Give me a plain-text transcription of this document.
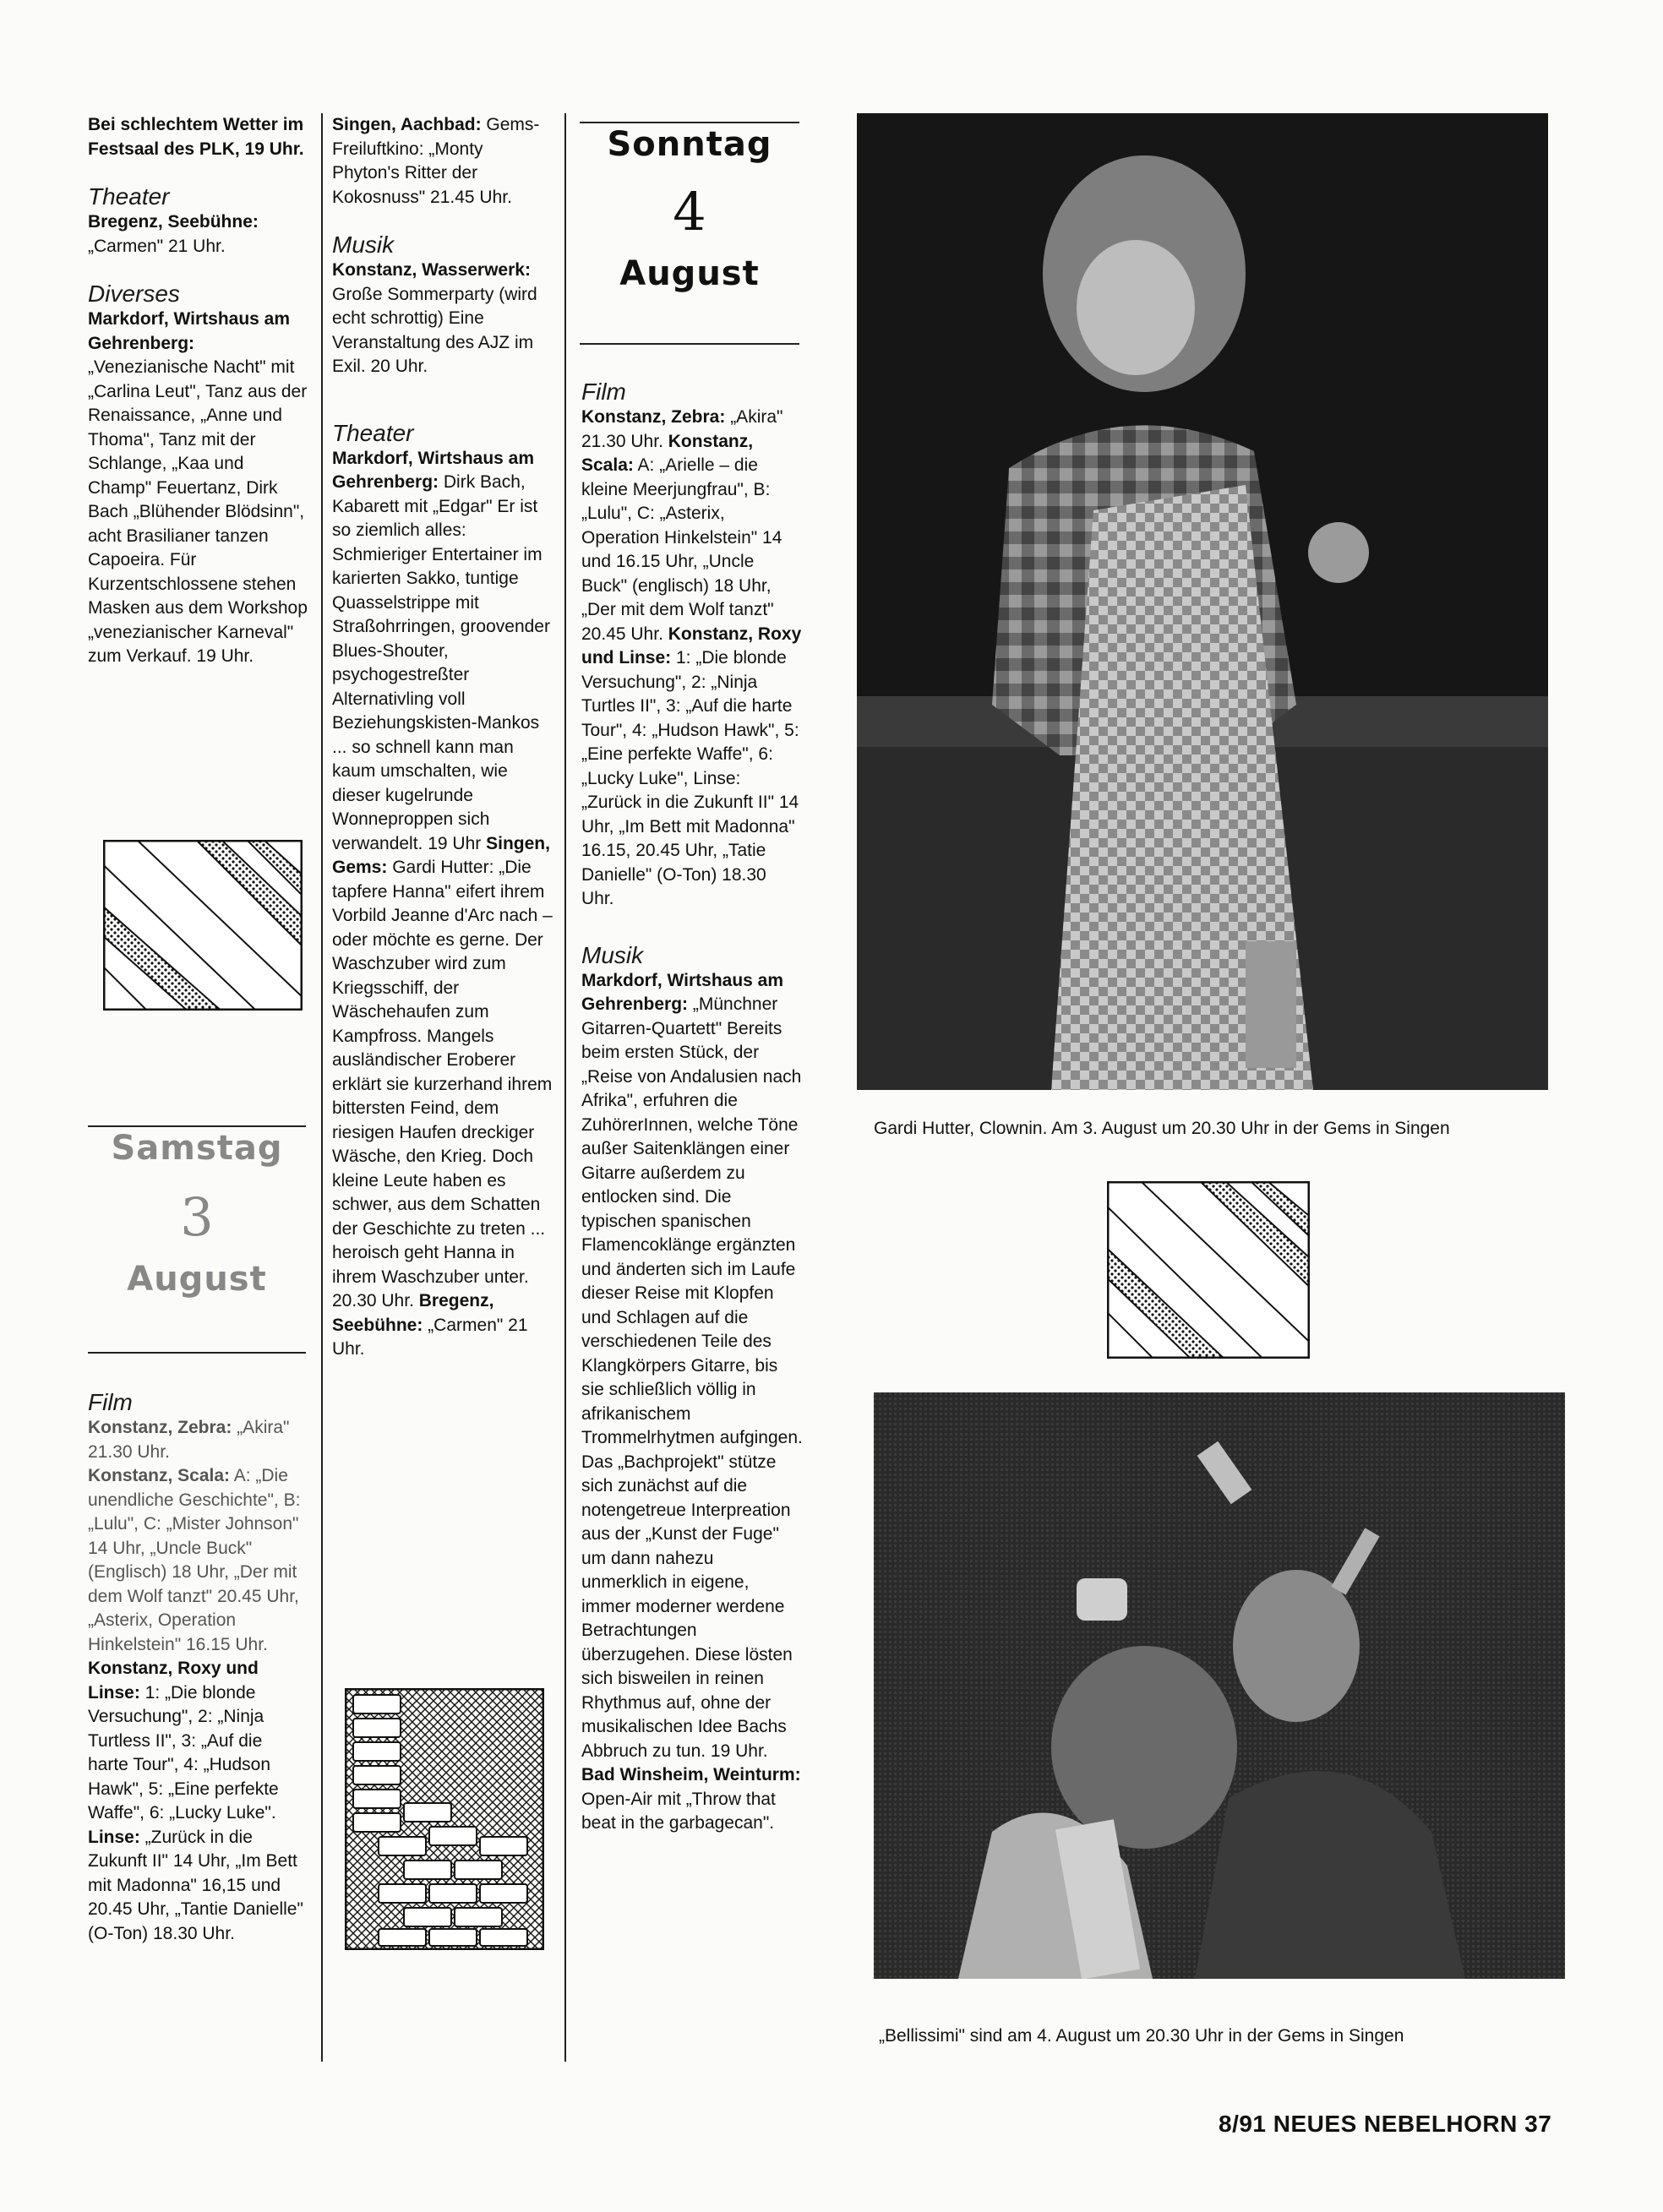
Bei schlechtem Wetter im Festsaal des PLK, 19 Uhr.
Theater
Bregenz, Seebühne: „Carmen" 21 Uhr.
Diverses
Markdorf, Wirtshaus am Gehrenberg: „Venezianische Nacht" mit „Carlina Leut", Tanz aus der Renaissance, „Anne und Thoma", Tanz mit der Schlange, „Kaa und Champ" Feuertanz, Dirk Bach „Blühender Blödsinn", acht Brasilianer tanzen Capoeira. Für Kurzentschlossene stehen Masken aus dem Workshop „venezianischer Karneval" zum Verkauf. 19 Uhr.
Samstag
3
August
Film
Konstanz, Zebra: „Akira" 21.30 Uhr.
Konstanz, Scala: A: „Die unendliche Geschichte", B: „Lulu", C: „Mister Johnson" 14 Uhr, „Uncle Buck" (Englisch) 18 Uhr, „Der mit dem Wolf tanzt" 20.45 Uhr, „Asterix, Operation Hinkelstein" 16.15 Uhr.
Konstanz, Roxy und Linse: 1: „Die blonde Versuchung", 2: „Ninja Turtless II", 3: „Auf die harte Tour", 4: „Hudson Hawk", 5: „Eine perfekte Waffe", 6: „Lucky Luke". Linse: „Zurück in die Zukunft II" 14 Uhr, „Im Bett mit Madonna" 16,15 und 20.45 Uhr, „Tantie Danielle" (O-Ton) 18.30 Uhr.
Singen, Aachbad: Gems-Freiluftkino: „Monty Phyton's Ritter der Kokosnuss" 21.45 Uhr.
Musik
Konstanz, Wasserwerk: Große Sommerparty (wird echt schrottig) Eine Veranstaltung des AJZ im Exil. 20 Uhr.
Theater
Markdorf, Wirtshaus am Gehrenberg: Dirk Bach, Kabarett mit „Edgar" Er ist so ziemlich alles: Schmieriger Entertainer im karierten Sakko, tuntige Quasselstrippe mit Straßohrringen, groovender Blues-Shouter, psychogestreßter Alternativling voll Beziehungskisten-Mankos ... so schnell kann man kaum umschalten, wie dieser kugelrunde Wonneproppen sich verwandelt. 19 Uhr Singen, Gems: Gardi Hutter: „Die tapfere Hanna" eifert ihrem Vorbild Jeanne d'Arc nach – oder möchte es gerne. Der Waschzuber wird zum Kriegsschiff, der Wäschehaufen zum Kampfross. Mangels ausländischer Eroberer erklärt sie kurzerhand ihrem bittersten Feind, dem riesigen Haufen dreckiger Wäsche, den Krieg. Doch kleine Leute haben es schwer, aus dem Schatten der Geschichte zu treten ... heroisch geht Hanna in ihrem Waschzuber unter. 20.30 Uhr. Bregenz, Seebühne: „Carmen" 21 Uhr.
Sonntag
4
August
Film
Konstanz, Zebra: „Akira" 21.30 Uhr. Konstanz, Scala: A: „Arielle – die kleine Meerjungfrau", B: „Lulu", C: „Asterix, Operation Hinkelstein" 14 und 16.15 Uhr, „Uncle Buck" (englisch) 18 Uhr, „Der mit dem Wolf tanzt" 20.45 Uhr. Konstanz, Roxy und Linse: 1: „Die blonde Versuchung", 2: „Ninja Turtles II", 3: „Auf die harte Tour", 4: „Hudson Hawk", 5: „Eine perfekte Waffe", 6: „Lucky Luke", Linse: „Zurück in die Zukunft II" 14 Uhr, „Im Bett mit Madonna" 16.15, 20.45 Uhr, „Tatie Danielle" (O-Ton) 18.30 Uhr.
Musik
Markdorf, Wirtshaus am Gehrenberg: „Münchner Gitarren-Quartett" Bereits beim ersten Stück, der „Reise von Andalusien nach Afrika", erfuhren die ZuhörerInnen, welche Töne außer Saitenklängen einer Gitarre außerdem zu entlocken sind. Die typischen spanischen Flamencoklänge ergänzten und änderten sich im Laufe dieser Reise mit Klopfen und Schlagen auf die verschiedenen Teile des Klangkörpers Gitarre, bis sie schließlich völlig in afrikanischem Trommelrhytmen aufgingen. Das „Bachprojekt" stütze sich zunächst auf die notengetreue Interpreation aus der „Kunst der Fuge" um dann nahezu unmerklich in eigene, immer moderner werdene Betrachtungen überzugehen. Diese lösten sich bisweilen in reinen Rhythmus auf, ohne der musikalischen Idee Bachs Abbruch zu tun. 19 Uhr. Bad Winsheim, Weinturm: Open-Air mit „Throw that beat in the garbagecan".
Gardi Hutter, Clownin. Am 3. August um 20.30 Uhr in der Gems in Singen
„Bellissimi" sind am 4. August um 20.30 Uhr in der Gems in Singen
8/91 NEUES NEBELHORN 37
